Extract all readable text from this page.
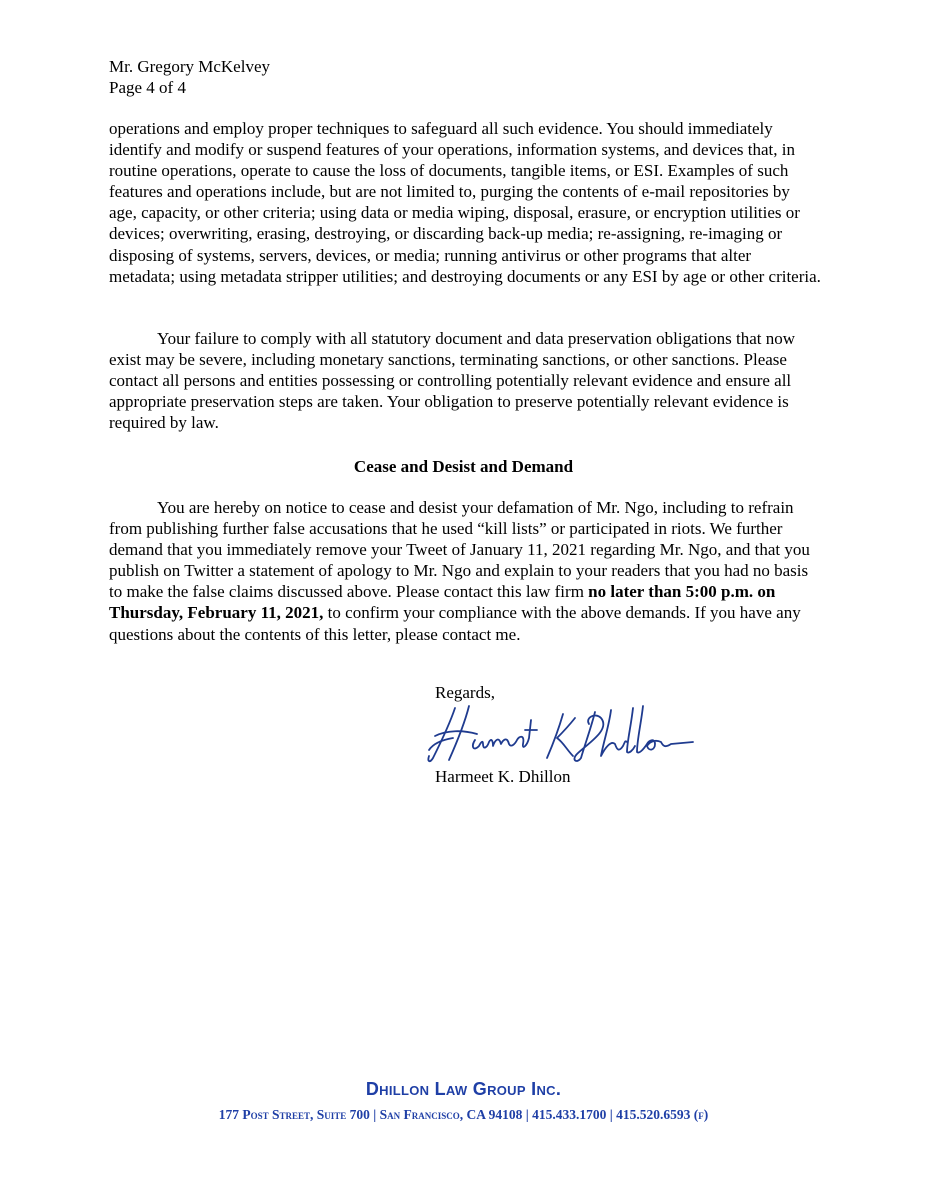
Mr. Gregory McKelvey
Page 4 of 4
operations and employ proper techniques to safeguard all such evidence. You should immediately identify and modify or suspend features of your operations, information systems, and devices that, in routine operations, operate to cause the loss of documents, tangible items, or ESI. Examples of such features and operations include, but are not limited to, purging the contents of e-mail repositories by age, capacity, or other criteria; using data or media wiping, disposal, erasure, or encryption utilities or devices; overwriting, erasing, destroying, or discarding back-up media; re-assigning, re-imaging or disposing of systems, servers, devices, or media; running antivirus or other programs that alter metadata; using metadata stripper utilities; and destroying documents or any ESI by age or other criteria.
Your failure to comply with all statutory document and data preservation obligations that now exist may be severe, including monetary sanctions, terminating sanctions, or other sanctions. Please contact all persons and entities possessing or controlling potentially relevant evidence and ensure all appropriate preservation steps are taken. Your obligation to preserve potentially relevant evidence is required by law.
Cease and Desist and Demand
You are hereby on notice to cease and desist your defamation of Mr. Ngo, including to refrain from publishing further false accusations that he used “kill lists” or participated in riots. We further demand that you immediately remove your Tweet of January 11, 2021 regarding Mr. Ngo, and that you publish on Twitter a statement of apology to Mr. Ngo and explain to your readers that you had no basis to make the false claims discussed above. Please contact this law firm no later than 5:00 p.m. on Thursday, February 11, 2021, to confirm your compliance with the above demands. If you have any questions about the contents of this letter, please contact me.
Regards,
Harmeet K. Dhillon
Dhillon Law Group Inc.
177 Post Street, Suite 700 | San Francisco, CA 94108 | 415.433.1700 | 415.520.6593 (f)
